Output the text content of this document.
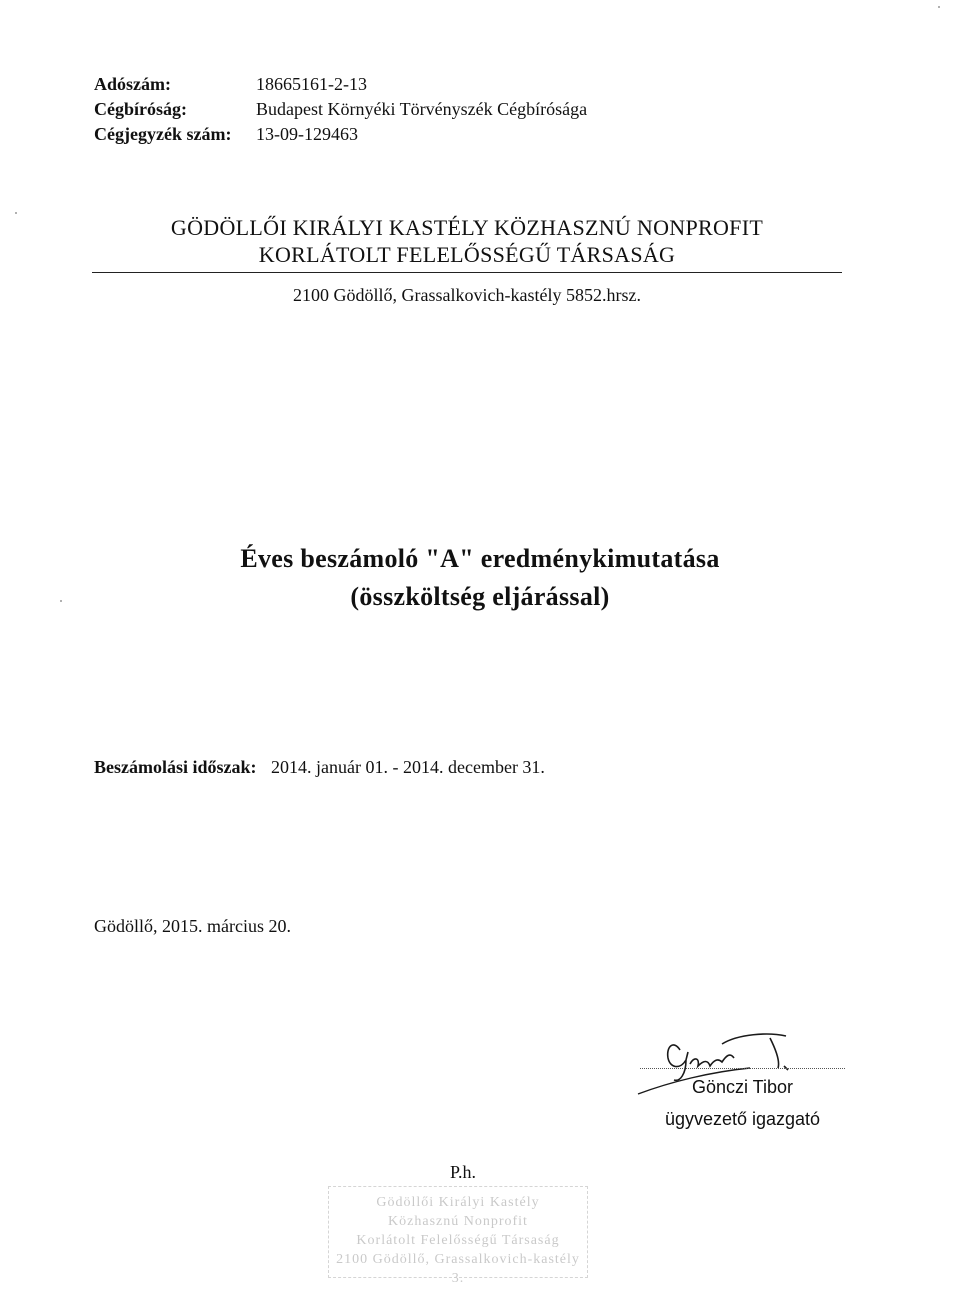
Adószám:	18665161-2-13
Cégbíróság:	Budapest Környéki Törvényszék Cégbírósága
Cégjegyzék szám:	13-09-129463
GÖDÖLLŐI KIRÁLYI KASTÉLY KÖZHASZNÚ NONPROFIT
KORLÁTOLT FELELŐSSÉGŰ TÁRSASÁG
2100 Gödöllő, Grassalkovich-kastély 5852.hrsz.
Éves beszámoló "A" eredménykimutatása
(összköltség eljárással)
Beszámolási időszak: 2014. január 01. - 2014. december 31.
Gödöllő, 2015. március 20.
Gönczi Tibor
ügyvezető igazgató
P.h.
Gödöllői Királyi Kastély
Közhasznú Nonprofit
Korlátolt Felelősségű Társaság
2100 Gödöllő, Grassalkovich-kastély
3.
